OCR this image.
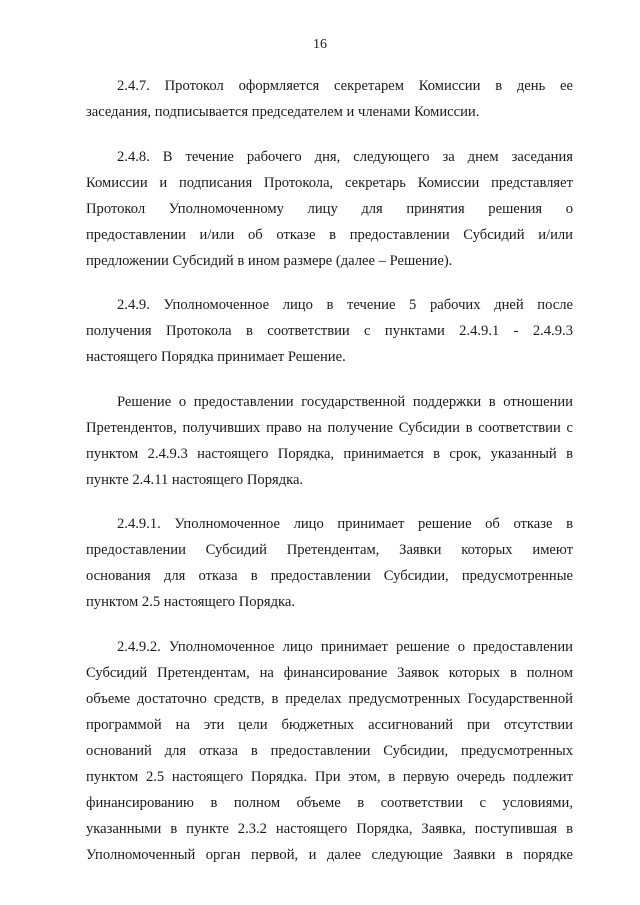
16
2.4.7. Протокол оформляется секретарем Комиссии в день ее
заседания, подписывается председателем и членами Комиссии.
2.4.8. В течение рабочего дня, следующего за днем заседания
Комиссии и подписания Протокола, секретарь Комиссии представляет
Протокол Уполномоченному лицу для принятия решения о
предоставлении и/или об отказе в предоставлении Субсидий и/или
предложении Субсидий в ином размере (далее – Решение).
2.4.9. Уполномоченное лицо в течение 5 рабочих дней после
получения Протокола в соответствии с пунктами 2.4.9.1 - 2.4.9.3
настоящего Порядка принимает Решение.
Решение о предоставлении государственной поддержки в отношении
Претендентов, получивших право на получение Субсидии в соответствии с
пунктом 2.4.9.3 настоящего Порядка, принимается в срок, указанный в
пункте 2.4.11 настоящего Порядка.
2.4.9.1. Уполномоченное лицо принимает решение об отказе в
предоставлении Субсидий Претендентам, Заявки которых имеют
основания для отказа в предоставлении Субсидии, предусмотренные
пунктом 2.5 настоящего Порядка.
2.4.9.2. Уполномоченное лицо принимает решение о предоставлении
Субсидий Претендентам, на финансирование Заявок которых в полном
объеме достаточно средств, в пределах предусмотренных Государственной
программой на эти цели бюджетных ассигнований при отсутствии
оснований для отказа в предоставлении Субсидии, предусмотренных
пунктом 2.5 настоящего Порядка. При этом, в первую очередь подлежит
финансированию в полном объеме в соответствии с условиями,
указанными в пункте 2.3.2 настоящего Порядка, Заявка, поступившая в
Уполномоченный орган первой, и далее следующие Заявки в порядке
